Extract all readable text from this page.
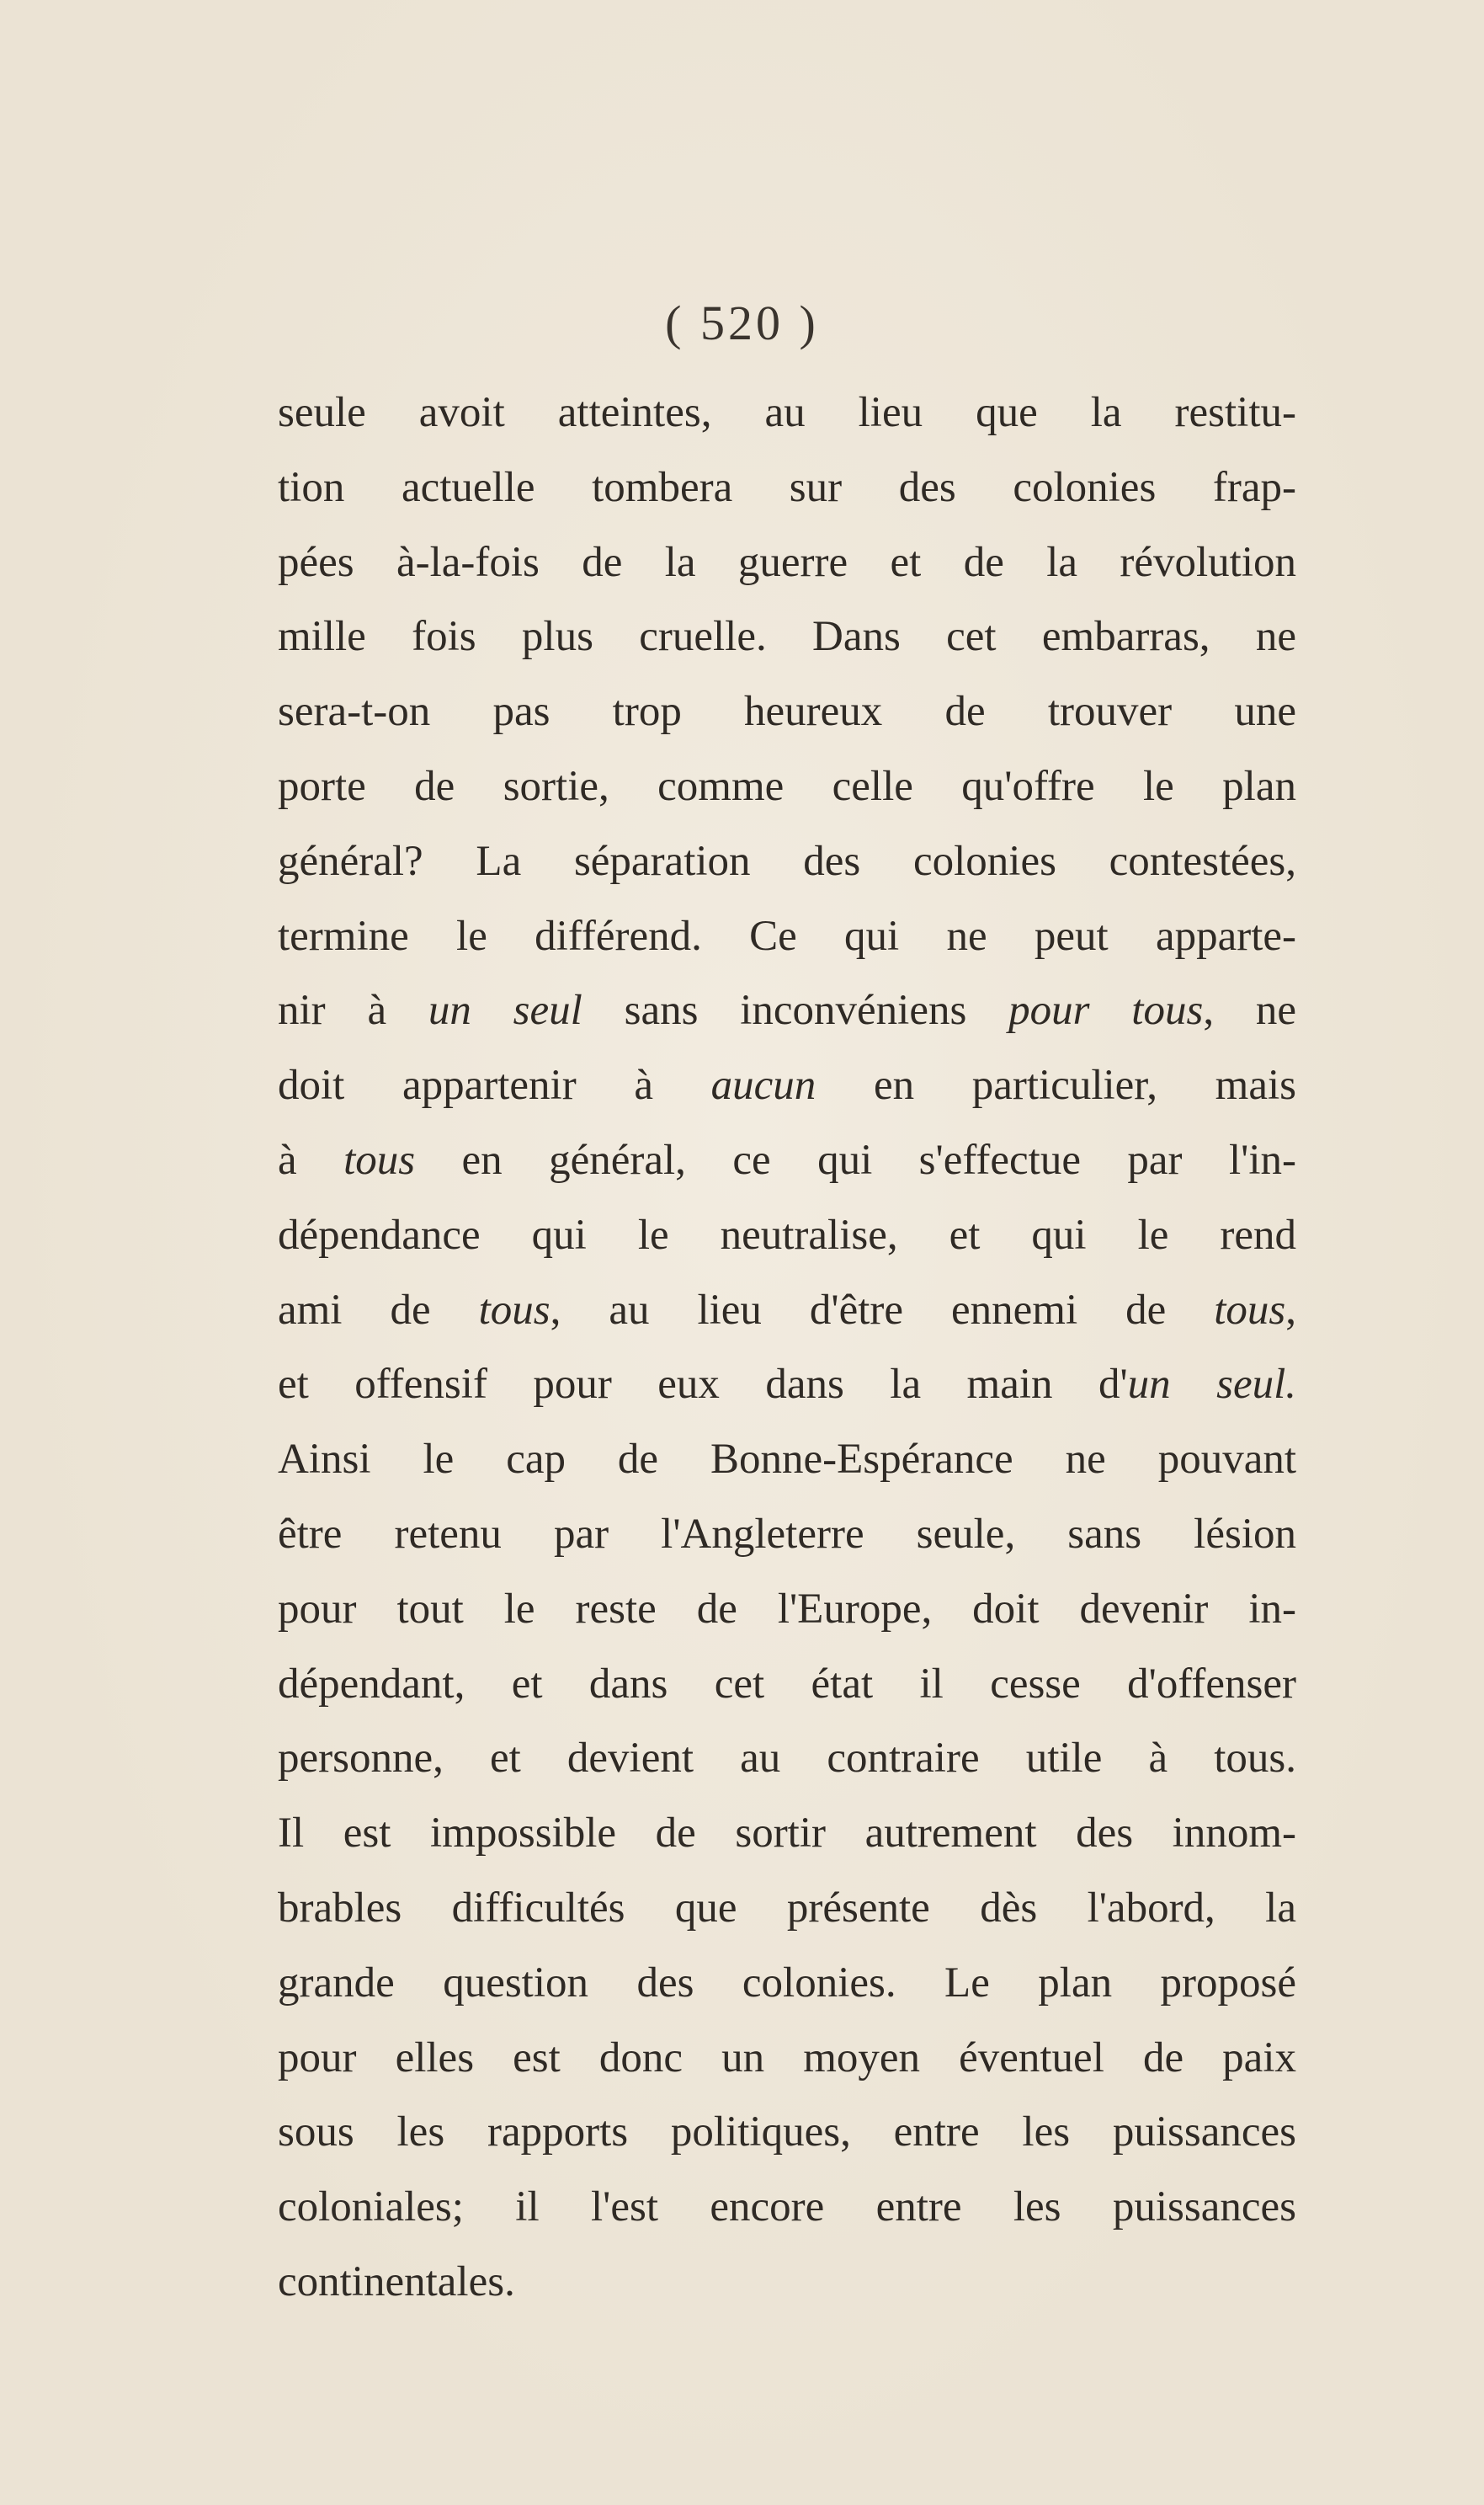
( 520 )
seule avoit atteintes, au lieu que la restitu-
tion actuelle tombera sur des colonies frap-
pées à-la-fois de la guerre et de la révolution
mille fois plus cruelle. Dans cet embarras, ne
sera-t-on pas trop heureux de trouver une
porte de sortie, comme celle qu'offre le plan
général? La séparation des colonies contestées,
termine le différend. Ce qui ne peut apparte-
nir à un seul sans inconvéniens pour tous, ne
doit appartenir à aucun en particulier, mais
à tous en général, ce qui s'effectue par l'in-
dépendance qui le neutralise, et qui le rend
ami de tous, au lieu d'être ennemi de tous,
et offensif pour eux dans la main d'un seul.
Ainsi le cap de Bonne-Espérance ne pouvant
être retenu par l'Angleterre seule, sans lésion
pour tout le reste de l'Europe, doit devenir in-
dépendant, et dans cet état il cesse d'offenser
personne, et devient au contraire utile à tous.
Il est impossible de sortir autrement des innom-
brables difficultés que présente dès l'abord, la
grande question des colonies. Le plan proposé
pour elles est donc un moyen éventuel de paix
sous les rapports politiques, entre les puissances
coloniales; il l'est encore entre les puissances
continentales.
